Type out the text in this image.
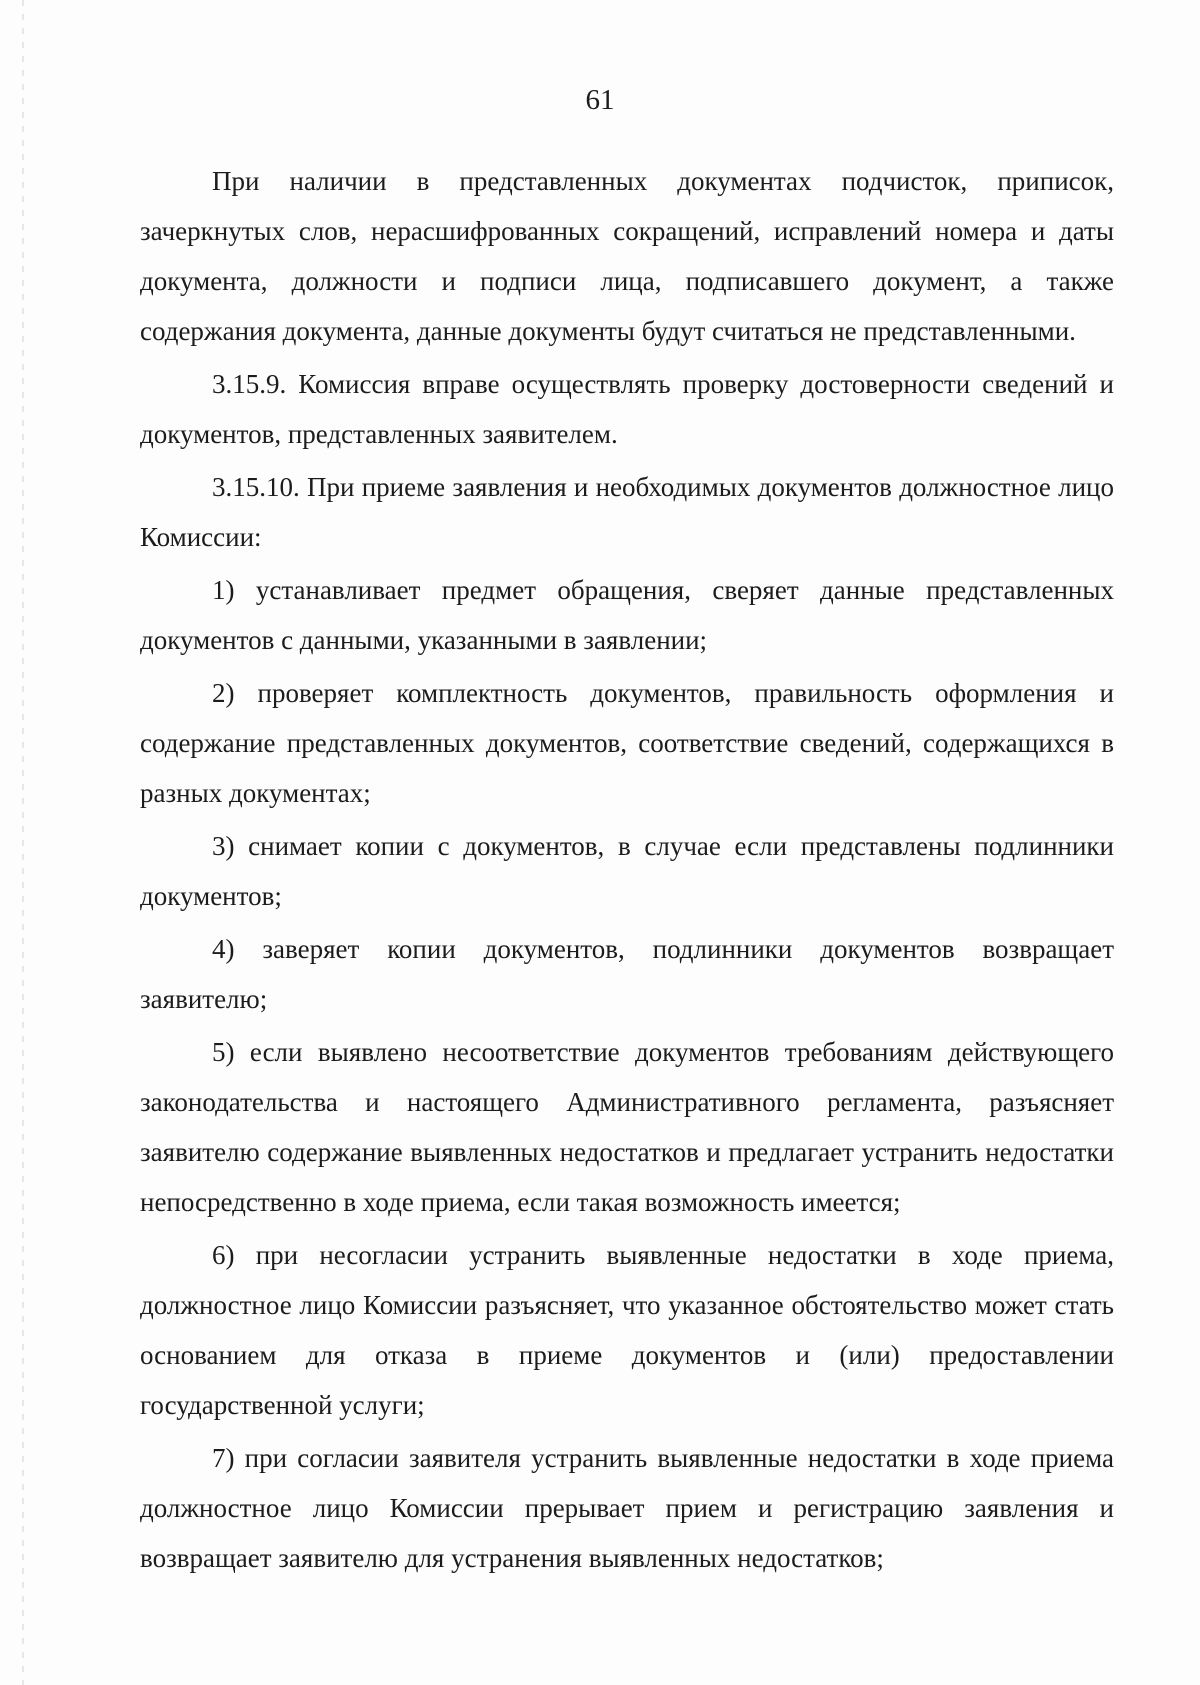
61

При наличии в представленных документах подчисток, приписок, зачеркнутых слов, нерасшифрованных сокращений, исправлений номера и даты документа, должности и подписи лица, подписавшего документ, а также содержания документа, данные документы будут считаться не представленными.

3.15.9. Комиссия вправе осуществлять проверку достоверности сведений и документов, представленных заявителем.

3.15.10. При приеме заявления и необходимых документов должностное лицо Комиссии:

1) устанавливает предмет обращения, сверяет данные представленных документов с данными, указанными в заявлении;

2) проверяет комплектность документов, правильность оформления и содержание представленных документов, соответствие сведений, содержащихся в разных документах;

3) снимает копии с документов, в случае если представлены подлинники документов;

4) заверяет копии документов, подлинники документов возвращает заявителю;

5) если выявлено несоответствие документов требованиям действующего законодательства и настоящего Административного регламента, разъясняет заявителю содержание выявленных недостатков и предлагает устранить недостатки непосредственно в ходе приема, если такая возможность имеется;

6) при несогласии устранить выявленные недостатки в ходе приема, должностное лицо Комиссии разъясняет, что указанное обстоятельство может стать основанием для отказа в приеме документов и (или) предоставлении государственной услуги;

7) при согласии заявителя устранить выявленные недостатки в ходе приема должностное лицо Комиссии прерывает прием и регистрацию заявления и возвращает заявителю для устранения выявленных недостатков;
